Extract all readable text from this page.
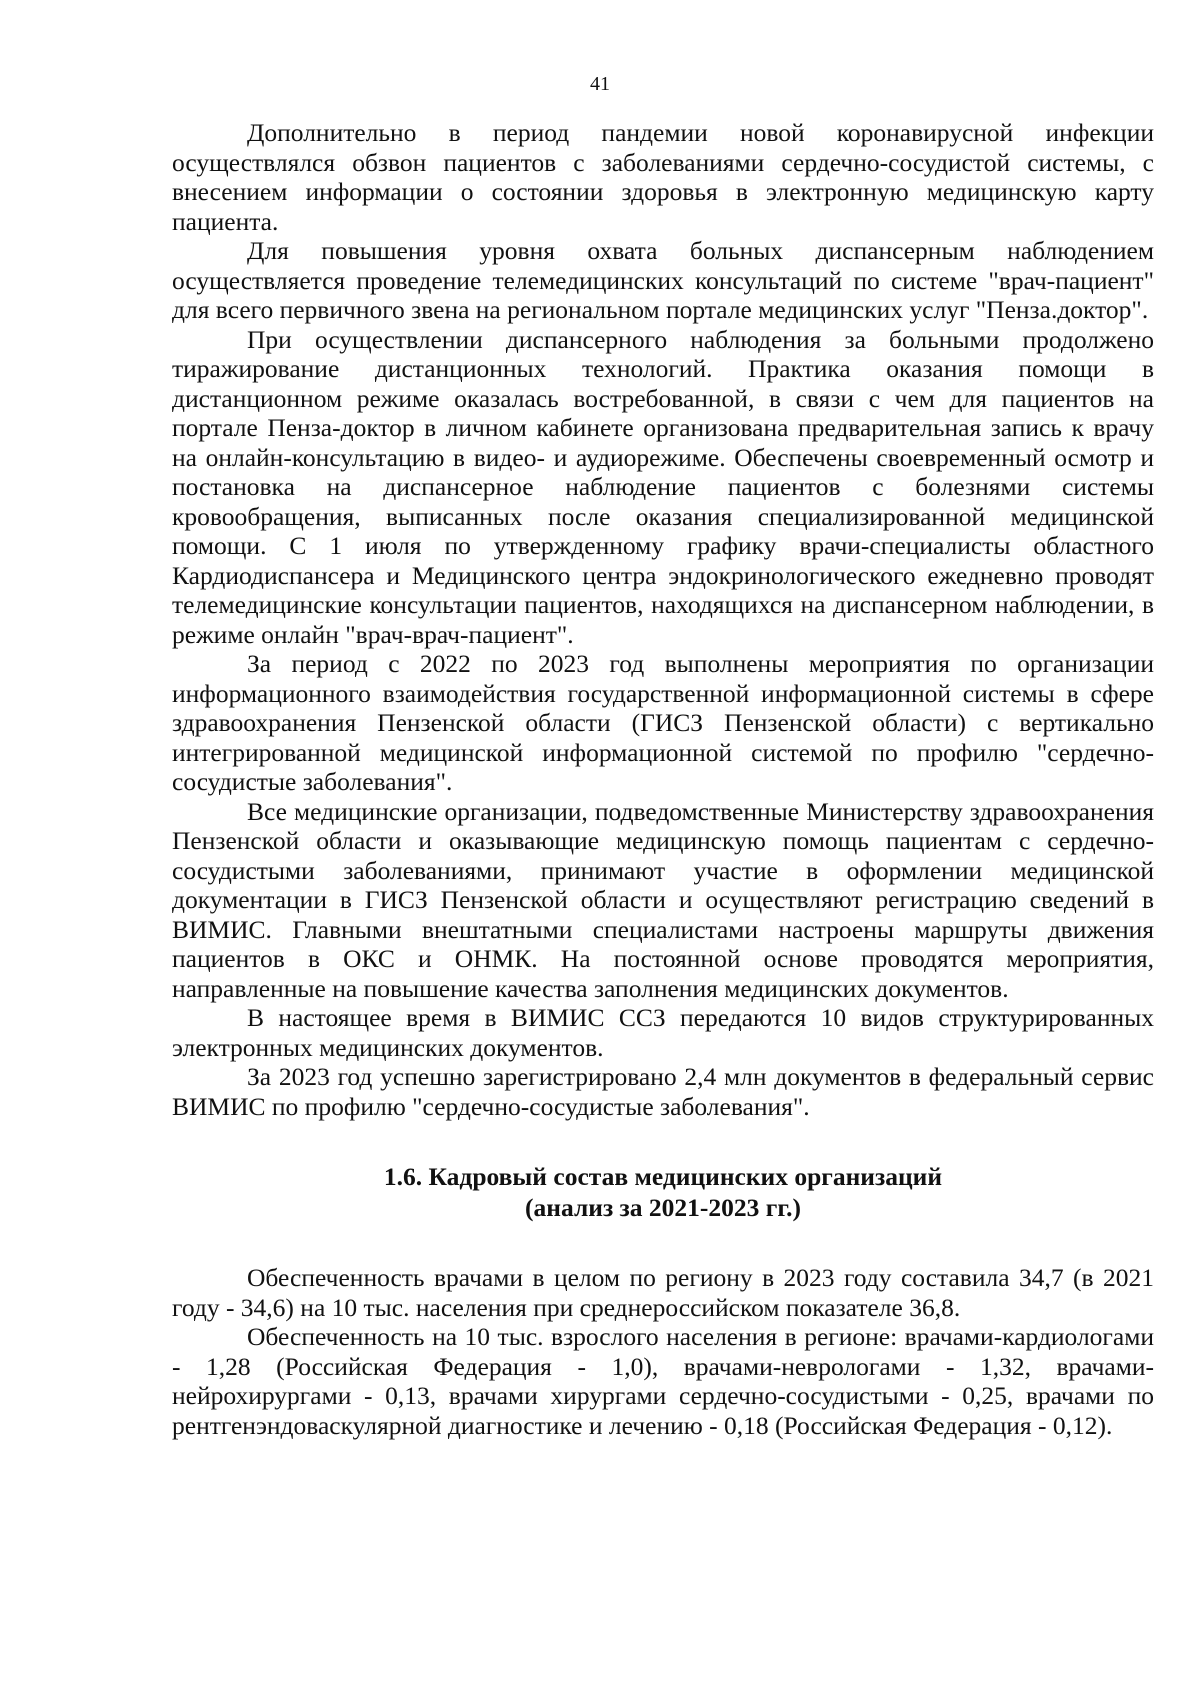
41

Дополнительно в период пандемии новой коронавирусной инфекции осуществлялся обзвон пациентов с заболеваниями сердечно-сосудистой системы, с внесением информации о состоянии здоровья в электронную медицинскую карту пациента.

Для повышения уровня охвата больных диспансерным наблюдением осуществляется проведение телемедицинских консультаций по системе "врач-пациент" для всего первичного звена на региональном портале медицинских услуг "Пенза.доктор".

При осуществлении диспансерного наблюдения за больными продолжено тиражирование дистанционных технологий. Практика оказания помощи в дистанционном режиме оказалась востребованной, в связи с чем для пациентов на портале Пенза-доктор в личном кабинете организована предварительная запись к врачу на онлайн-консультацию в видео- и аудиорежиме. Обеспечены своевременный осмотр и постановка на диспансерное наблюдение пациентов с болезнями системы кровообращения, выписанных после оказания специализированной медицинской помощи. С 1 июля по утвержденному графику врачи-специалисты областного Кардиодиспансера и Медицинского центра эндокринологического ежедневно проводят телемедицинские консультации пациентов, находящихся на диспансерном наблюдении, в режиме онлайн "врач-врач-пациент".

За период с 2022 по 2023 год выполнены мероприятия по организации информационного взаимодействия государственной информационной системы в сфере здравоохранения Пензенской области (ГИСЗ Пензенской области) с вертикально интегрированной медицинской информационной системой по профилю "сердечно-сосудистые заболевания".

Все медицинские организации, подведомственные Министерству здравоохранения Пензенской области и оказывающие медицинскую помощь пациентам с сердечно-сосудистыми заболеваниями, принимают участие в оформлении медицинской документации в ГИСЗ Пензенской области и осуществляют регистрацию сведений в ВИМИС. Главными внештатными специалистами настроены маршруты движения пациентов в ОКС и ОНМК. На постоянной основе проводятся мероприятия, направленные на повышение качества заполнения медицинских документов.

В настоящее время в ВИМИС ССЗ передаются 10 видов структурированных электронных медицинских документов.

За 2023 год успешно зарегистрировано 2,4 млн документов в федеральный сервис ВИМИС по профилю "сердечно-сосудистые заболевания".

1.6. Кадровый состав медицинских организаций
(анализ за 2021-2023 гг.)

Обеспеченность врачами в целом по региону в 2023 году составила 34,7 (в 2021 году - 34,6) на 10 тыс. населения при среднероссийском показателе 36,8.

Обеспеченность на 10 тыс. взрослого населения в регионе: врачами-кардиологами - 1,28 (Российская Федерация - 1,0), врачами-неврологами - 1,32, врачами-нейрохирургами - 0,13, врачами хирургами сердечно-сосудистыми - 0,25, врачами по рентгенэндоваскулярной диагностике и лечению - 0,18 (Российская Федерация - 0,12).
